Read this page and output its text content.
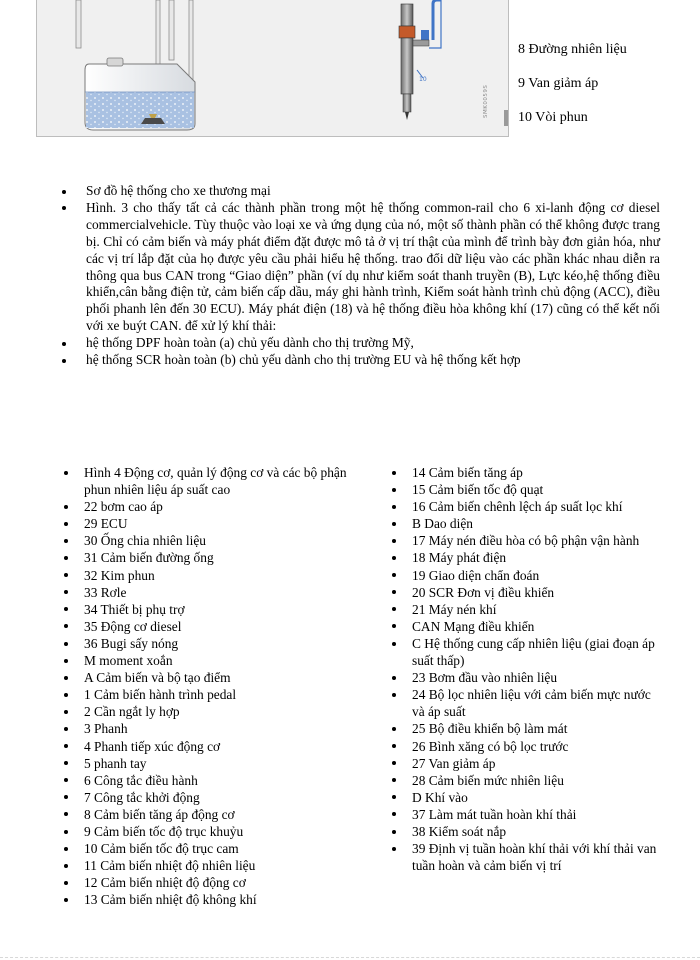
10
SMK0059S
8 Đường nhiên liệu
9 Van giảm áp
10 Vòi phun
Sơ đồ hệ thống cho xe thương mại
Hình. 3 cho thấy tất cả các thành phần trong một hệ thống common-rail cho 6 xi-lanh động cơ diesel commercialvehicle. Tùy thuộc vào loại xe và ứng dụng của nó, một số thành phần có thể không được trang bị. Chỉ có cảm biến và máy phát điểm đặt được mô tả ở vị trí thật của mình để trình bày đơn giản hóa, như các vị trí lắp đặt của họ được yêu cầu phải hiểu hệ thống. trao đổi dữ liệu vào các phần khác nhau diễn ra thông qua bus CAN trong “Giao diện” phần (ví dụ như kiểm soát thanh truyền (B), Lực kéo,hệ thống điều khiển,cân bằng điện tử, cảm biến cấp dầu, máy ghi hành trình, Kiểm soát hành trình chủ động (ACC), điều phối phanh lên đến 30 ECU). Máy phát điện (18) và hệ thống điều hòa không khí (17) cũng có thể kết nối với xe buýt CAN. để xử lý khí thải:
hệ thống DPF hoàn toàn (a) chủ yếu dành cho thị trường Mỹ,
hệ thống SCR hoàn toàn (b) chủ yếu dành cho thị trường EU và hệ thống kết hợp
Hình 4 Động cơ, quản lý động cơ và các bộ phận phun nhiên liệu áp suất cao
22 bơm cao áp
29 ECU
30 Ống chia nhiên liệu
31 Cảm biến đường ống
32 Kim phun
33 Rơle
34 Thiết bị phụ trợ
35 Động cơ diesel
36 Bugi sấy nóng
M moment xoắn
A Cảm biến và bộ tạo điểm
1 Cảm biến hành trình pedal
2 Cần ngắt ly hợp
3 Phanh
4 Phanh tiếp xúc động cơ
5 phanh tay
6 Công tắc điều hành
7 Công tắc khởi động
8 Cảm biến tăng áp động cơ
9 Cảm biến tốc độ trục khuỷu
10 Cảm biến tốc độ trục cam
11 Cảm biến nhiệt độ nhiên liệu
12 Cảm biến nhiệt độ động cơ
13 Cảm biến nhiệt độ không khí
14 Cảm biến tăng áp
15 Cảm biến tốc độ quạt
16 Cảm biến chênh lệch áp suất lọc khí
B Dao diện
17 Máy nén điều hòa có bộ phận vận hành
18 Máy phát điện
19 Giao diện chẩn đoán
20 SCR Đơn vị điều khiển
21 Máy nén khí
CAN Mạng điều khiển
C Hệ thống cung cấp nhiên liệu (giai đoạn áp suất thấp)
23 Bơm đầu vào nhiên liệu
24 Bộ lọc nhiên liệu với cảm biến mực nước và áp suất
25 Bộ điều khiển bộ làm mát
26 Bình xăng có bộ lọc trước
27 Van giảm áp
28 Cảm biến mức nhiên liệu
D Khí vào
37 Làm mát tuần hoàn khí thải
38 Kiểm soát nắp
39 Định vị tuần hoàn khí thải với khí thải van tuần hoàn và cảm biến vị trí
